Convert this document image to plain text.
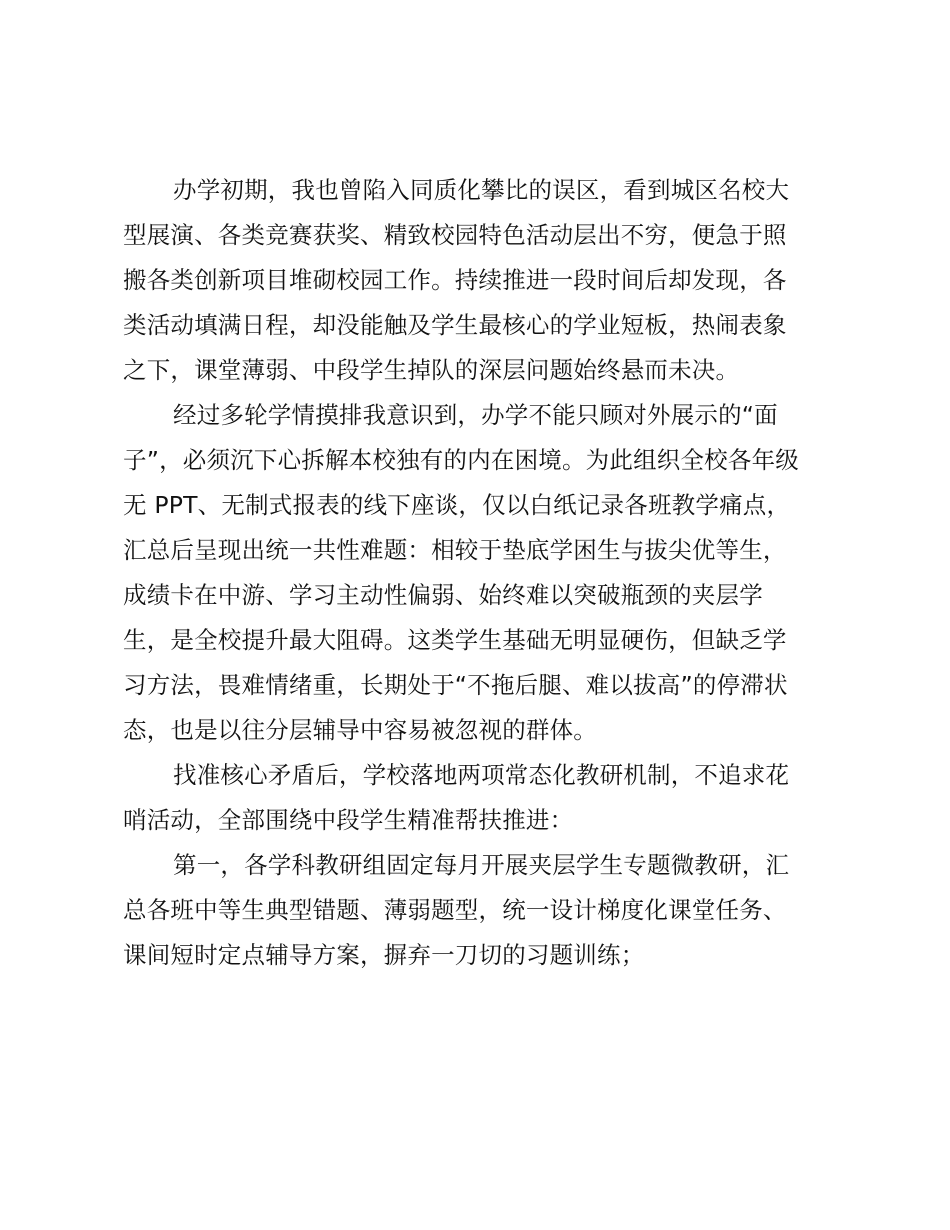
办学初期，我也曾陷入同质化攀比的误区，看到城区名校大
型展演、各类竞赛获奖、精致校园特色活动层出不穷，便急于照
搬各类创新项目堆砌校园工作。持续推进一段时间后却发现，各
类活动填满日程，却没能触及学生最核心的学业短板，热闹表象
之下，课堂薄弱、中段学生掉队的深层问题始终悬而未决。

经过多轮学情摸排我意识到，办学不能只顾对外展示的“面
子”，必须沉下心拆解本校独有的内在困境。为此组织全校各年级
无 PPT、无制式报表的线下座谈，仅以白纸记录各班教学痛点，
汇总后呈现出统一共性难题：相较于垫底学困生与拔尖优等生，
成绩卡在中游、学习主动性偏弱、始终难以突破瓶颈的夹层学
生，是全校提升最大阻碍。这类学生基础无明显硬伤，但缺乏学
习方法，畏难情绪重，长期处于“不拖后腿、难以拔高”的停滞状
态，也是以往分层辅导中容易被忽视的群体。

找准核心矛盾后，学校落地两项常态化教研机制，不追求花
哨活动，全部围绕中段学生精准帮扶推进：

第一，各学科教研组固定每月开展夹层学生专题微教研，汇
总各班中等生典型错题、薄弱题型，统一设计梯度化课堂任务、
课间短时定点辅导方案，摒弃一刀切的习题训练；
